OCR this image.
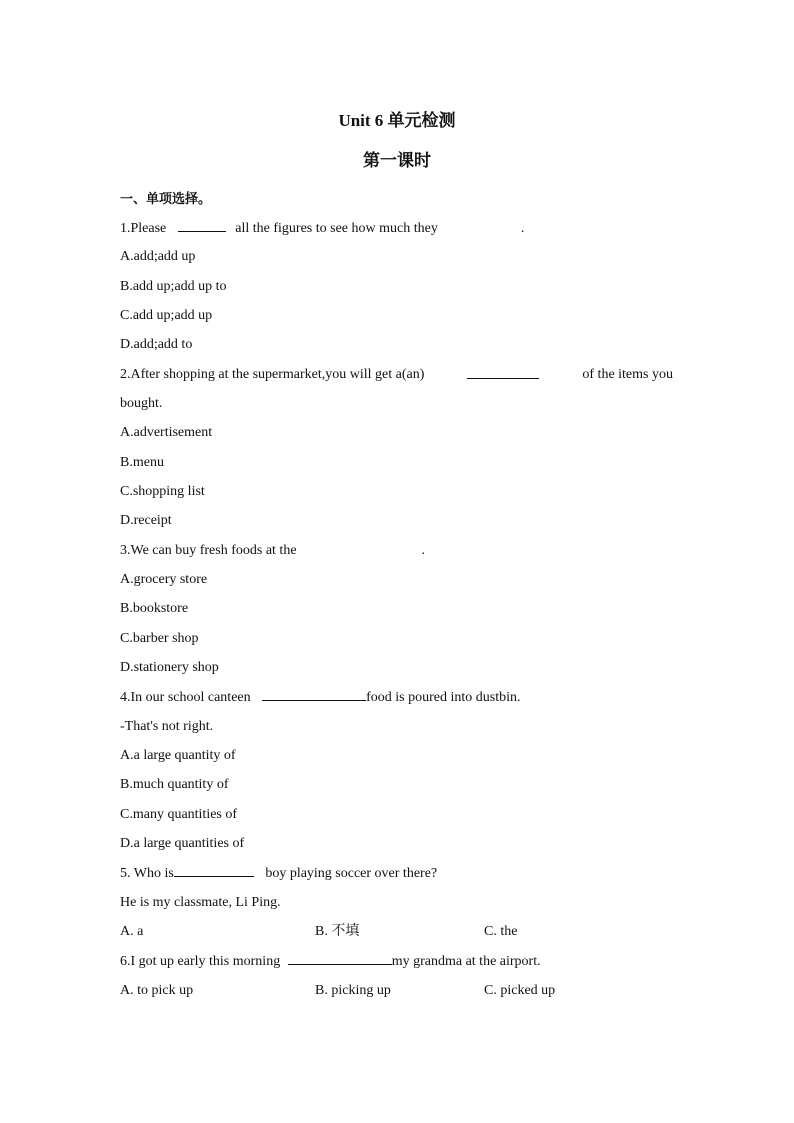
Unit 6 单元检测
第一课时
一、单项选择。
1.Please	all the figures to see how much they	.
A.add;add up
B.add up;add up to
C.add up;add up
D.add;add to
2.After shopping at the supermarket,you will get a(an)	of the items you
bought.
A.advertisement
B.menu
C.shopping list
D.receipt
3.We can buy fresh foods at the	.
A.grocery store
B.bookstore
C.barber shop
D.stationery shop
4.In our school canteen	food is poured into dustbin.
-That's not right.
A.a large quantity of
B.much quantity of
C.many quantities of
D.a large quantities of
5. Who is	boy playing soccer over there?
He is my classmate, Li Ping.
A. a	B. 不填	C. the
6.I got up early this morning	my grandma at the airport.
A. to pick up	B. picking up	C. picked up
